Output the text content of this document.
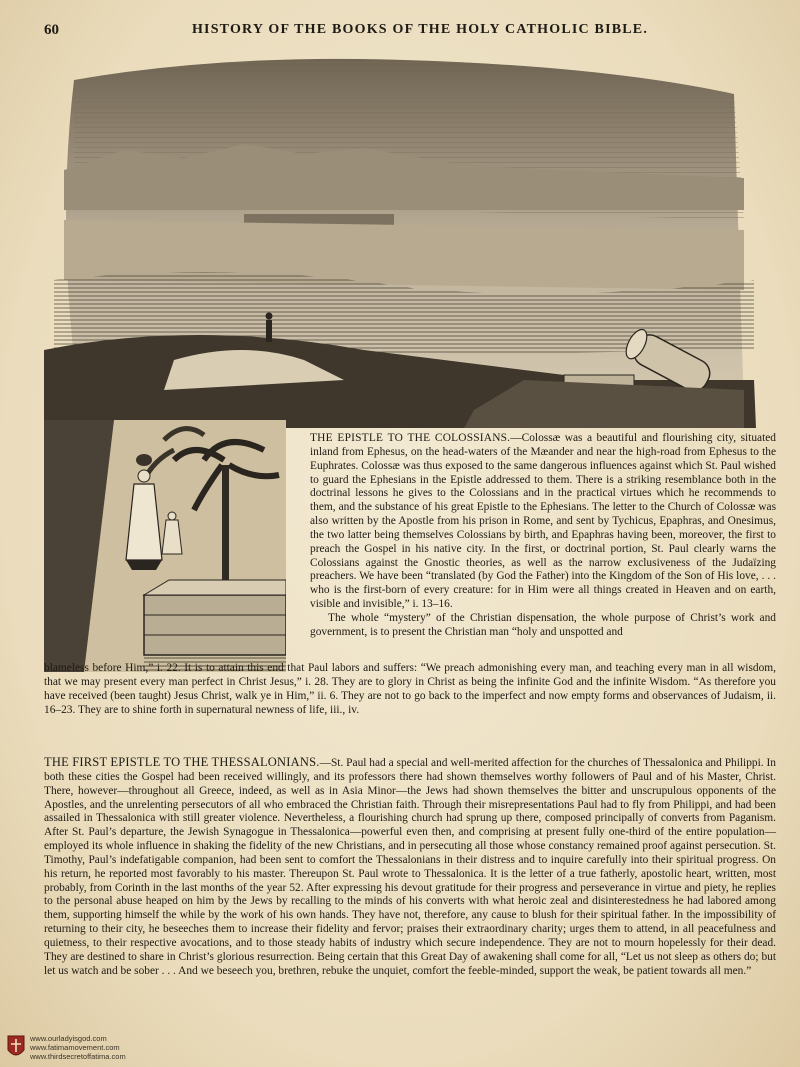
60	HISTORY OF THE BOOKS OF THE HOLY CATHOLIC BIBLE.

THE EPISTLE TO THE COLOSSIANS.—Colossæ was a beautiful and flourishing city, situated inland from Ephesus, on the head-waters of the Mæander and near the high-road from Ephesus to the Euphrates. Colossæ was thus exposed to the same dangerous influences against which St. Paul wished to guard the Ephesians in the Epistle addressed to them. There is a striking resemblance both in the doctrinal lessons he gives to the Colossians and in the practical virtues which he recommends to them, and the substance of his great Epistle to the Ephesians. The letter to the Church of Colossæ was also written by the Apostle from his prison in Rome, and sent by Tychicus, Epaphras, and Onesimus, the two latter being themselves Colossians by birth, and Epaphras having been, moreover, the first to preach the Gospel in his native city. In the first, or doctrinal portion, St. Paul clearly warns the Colossians against the Gnostic theories, as well as the narrow exclusiveness of the Judaïzing preachers. We have been “translated (by God the Father) into the Kingdom of the Son of His love, . . . who is the first-born of every creature: for in Him were all things created in Heaven and on earth, visible and invisible,” i. 13–16.

The whole “mystery” of the Christian dispensation, the whole purpose of Christ’s work and government, is to present the Christian man “holy and unspotted and

blameless before Him,” i. 22. It is to attain this end that Paul labors and suffers: “We preach admonishing every man, and teaching every man in all wisdom, that we may present every man perfect in Christ Jesus,” i. 28. They are to glory in Christ as being the infinite God and the infinite Wisdom. “As therefore you have received (been taught) Jesus Christ, walk ye in Him,” ii. 6. They are not to go back to the imperfect and now empty forms and observances of Judaism, ii. 16–23. They are to shine forth in supernatural newness of life, iii., iv.

THE FIRST EPISTLE TO THE THESSALONIANS.—St. Paul had a special and well-merited affection for the churches of Thessalonica and Philippi. In both these cities the Gospel had been received willingly, and its professors there had shown themselves worthy followers of Paul and of his Master, Christ. There, however—throughout all Greece, indeed, as well as in Asia Minor—the Jews had shown themselves the bitter and unscrupulous opponents of the Apostles, and the unrelenting persecutors of all who embraced the Christian faith. Through their misrepresentations Paul had to fly from Philippi, and had been assailed in Thessalonica with still greater violence. Nevertheless, a flourishing church had sprung up there, composed principally of converts from Paganism. After St. Paul’s departure, the Jewish Synagogue in Thessalonica—powerful even then, and comprising at present fully one-third of the entire population—employed its whole influence in shaking the fidelity of the new Christians, and in persecuting all those whose constancy remained proof against persecution. St. Timothy, Paul’s indefatigable companion, had been sent to comfort the Thessalonians in their distress and to inquire carefully into their spiritual progress. On his return, he reported most favorably to his master. Thereupon St. Paul wrote to Thessalonica. It is the letter of a true fatherly, apostolic heart, written, most probably, from Corinth in the last months of the year 52. After expressing his devout gratitude for their progress and perseverance in virtue and piety, he replies to the personal abuse heaped on him by the Jews by recalling to the minds of his converts with what heroic zeal and disinterestedness he had labored among them, supporting himself the while by the work of his own hands. They have not, therefore, any cause to blush for their spiritual father. In the impossibility of returning to their city, he beseeches them to increase their fidelity and fervor; praises their extraordinary charity; urges them to attend, in all peacefulness and quietness, to their respective avocations, and to those steady habits of industry which secure independence. They are not to mourn hopelessly for their dead. They are destined to share in Christ’s glorious resurrection. Being certain that this Great Day of awakening shall come for all, “Let us not sleep as others do; but let us watch and be sober . . . And we beseech you, brethren, rebuke the unquiet, comfort the feeble-minded, support the weak, be patient towards all men.”

www.ourladyisgod.com
www.fatimamovement.com
www.thirdsecretoffatima.com
